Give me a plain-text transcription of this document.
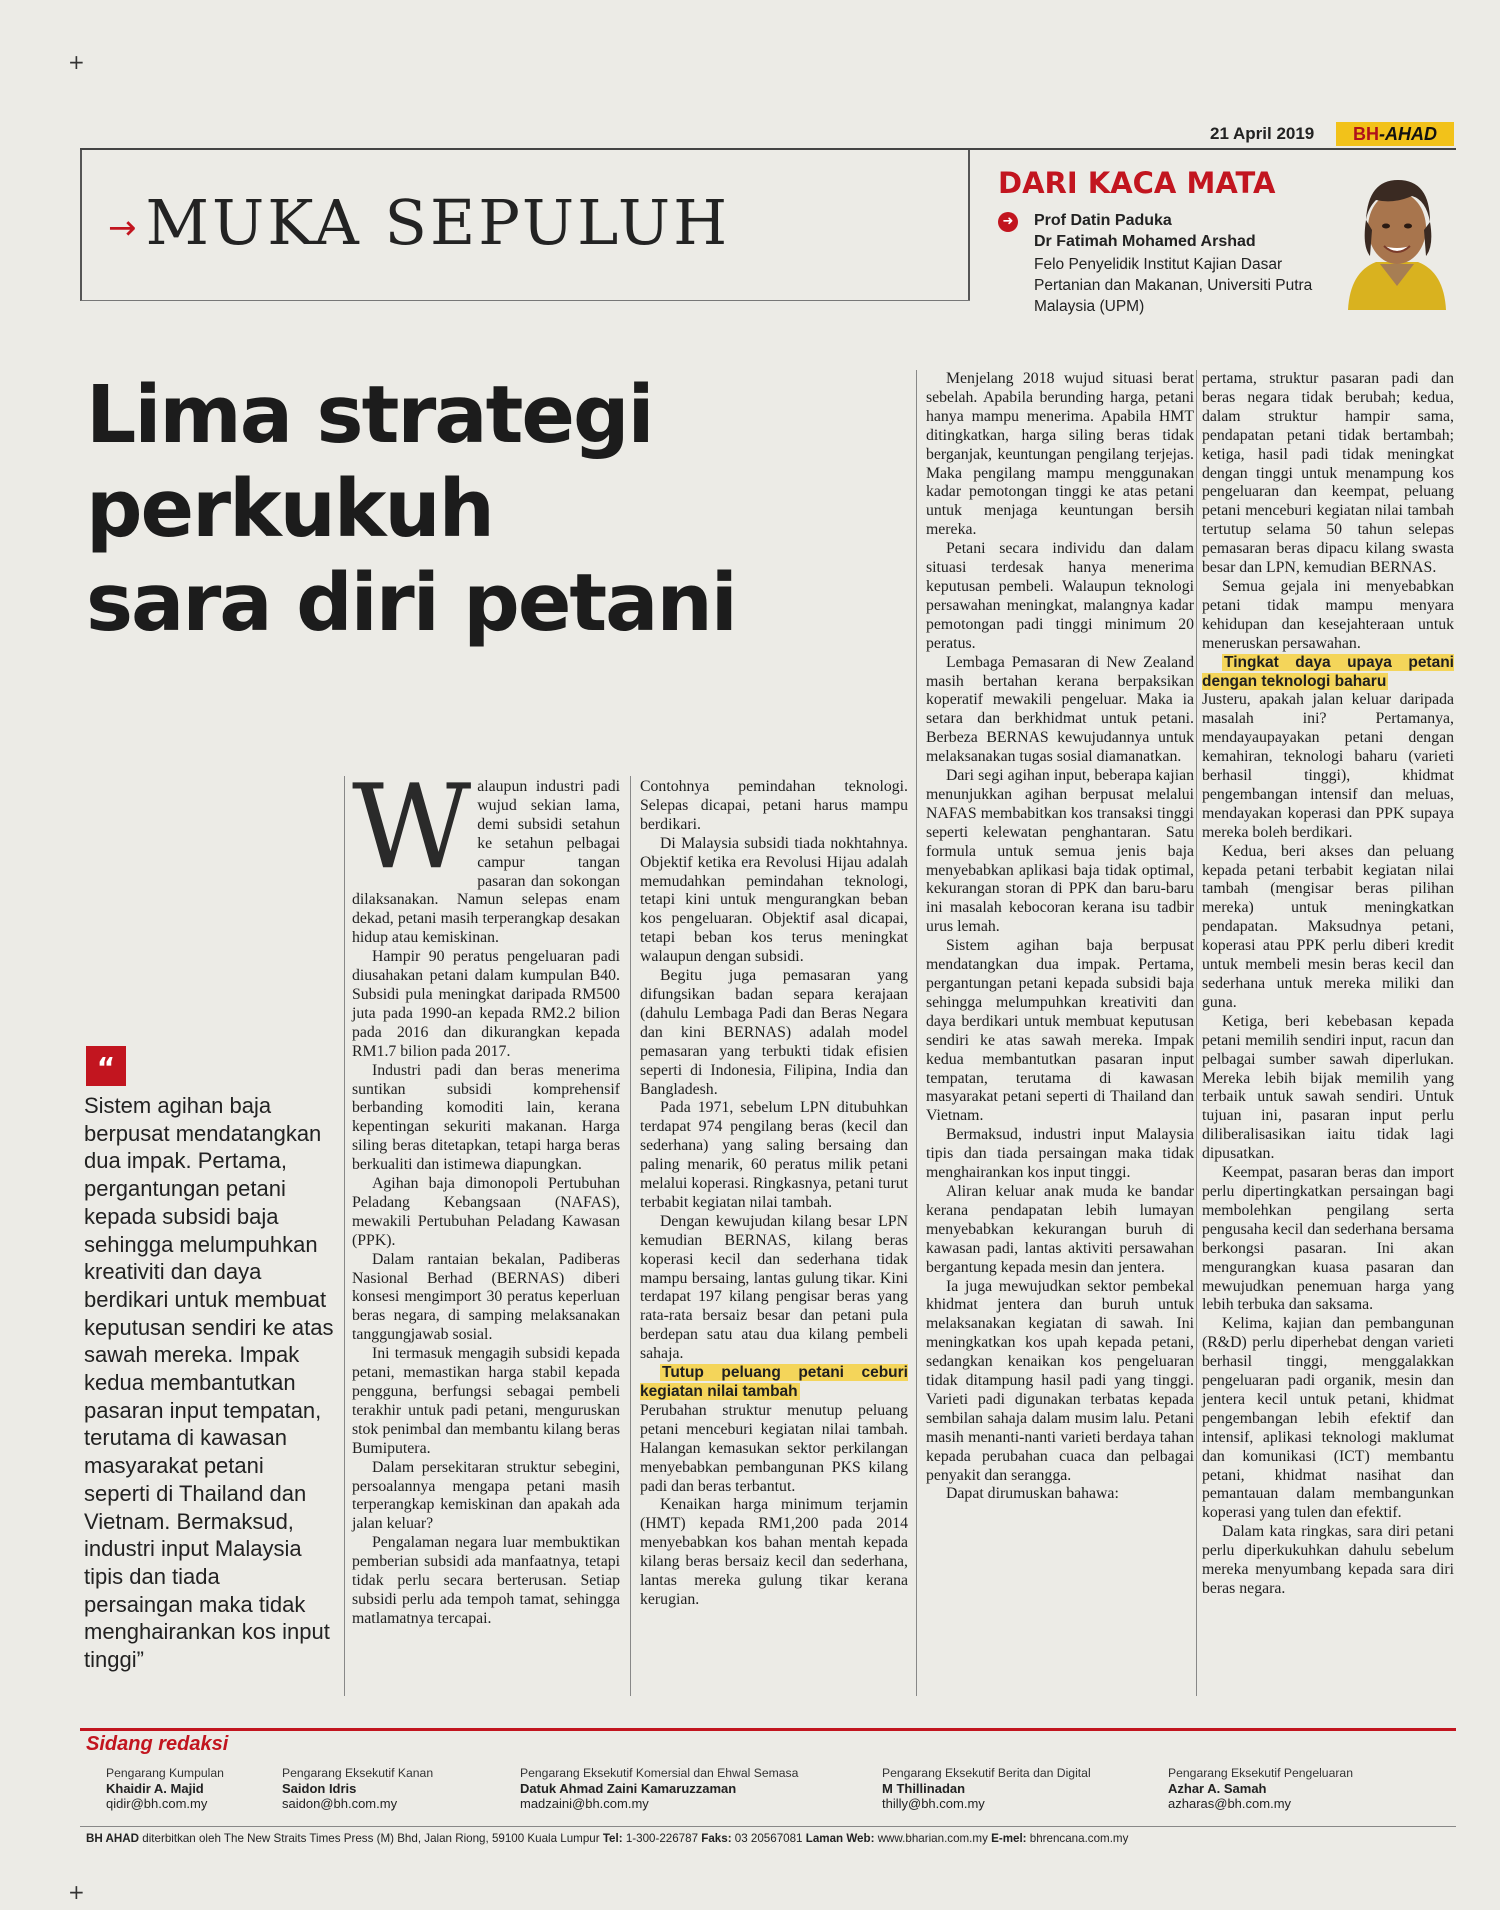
+
+
21 April 2019	BH-AHAD
→MUKA SEPULUH
DARI KACA MATA
➜ Prof Datin Paduka
Dr Fatimah Mohamed Arshad
Felo Penyelidik Institut Kajian Dasar Pertanian dan Makanan, Universiti Putra Malaysia (UPM)
Lima strategi
perkukuh
sara diri petani
“

Sistem agihan baja berpusat mendatangkan dua impak. Pertama, pergantungan petani kepada subsidi baja sehingga melumpuhkan kreativiti dan daya berdikari untuk membuat keputusan sendiri ke atas sawah mereka. Impak kedua membantutkan pasaran input tempatan, terutama di kawasan masyarakat petani seperti di Thailand dan Vietnam. Bermaksud, industri input Malaysia tipis dan tiada persaingan maka tidak menghairankan kos input tinggi”

W alaupun industri padi wujud sekian lama, demi subsidi setahun ke setahun pelbagai campur tangan pasaran dan sokongan dilaksanakan. Namun selepas enam dekad, petani masih terperangkap desakan hidup atau kemiskinan.

Hampir 90 peratus pengeluaran padi diusahakan petani dalam kumpulan B40. Subsidi pula meningkat daripada RM500 juta pada 1990-an kepada RM2.2 bilion pada 2016 dan dikurangkan kepada RM1.7 bilion pada 2017.

Industri padi dan beras menerima suntikan subsidi komprehensif berbanding komoditi lain, kerana kepentingan sekuriti makanan. Harga siling beras ditetapkan, tetapi harga beras berkualiti dan istimewa diapungkan.

Agihan baja dimonopoli Pertubuhan Peladang Kebangsaan (NAFAS), mewakili Pertubuhan Peladang Kawasan (PPK).

Dalam rantaian bekalan, Padiberas Nasional Berhad (BERNAS) diberi konsesi mengimport 30 peratus keperluan beras negara, di samping melaksanakan tanggungjawab sosial.

Ini termasuk mengagih subsidi kepada petani, memastikan harga stabil kepada pengguna, berfungsi sebagai pembeli terakhir untuk padi petani, menguruskan stok penimbal dan membantu kilang beras Bumiputera.

Dalam persekitaran struktur sebegini, persoalannya mengapa petani masih terperangkap kemiskinan dan apakah ada jalan keluar?

Pengalaman negara luar membuktikan pemberian subsidi ada manfaatnya, tetapi tidak perlu secara berterusan. Setiap subsidi perlu ada tempoh tamat, sehingga matlamatnya tercapai.

Contohnya pemindahan teknologi. Selepas dicapai, petani harus mampu berdikari.

Di Malaysia subsidi tiada nokhtahnya. Objektif ketika era Revolusi Hijau adalah memudahkan pemindahan teknologi, tetapi kini untuk mengurangkan beban kos pengeluaran. Objektif asal dicapai, tetapi beban kos terus meningkat walaupun dengan subsidi.

Begitu juga pemasaran yang difungsikan badan separa kerajaan (dahulu Lembaga Padi dan Beras Negara dan kini BERNAS) adalah model pemasaran yang terbukti tidak efisien seperti di Indonesia, Filipina, India dan Bangladesh.

Pada 1971, sebelum LPN ditubuhkan terdapat 974 pengilang beras (kecil dan sederhana) yang saling bersaing dan paling menarik, 60 peratus milik petani melalui koperasi. Ringkasnya, petani turut terbabit kegiatan nilai tambah.

Dengan kewujudan kilang besar LPN kemudian BERNAS, kilang beras koperasi kecil dan sederhana tidak mampu bersaing, lantas gulung tikar. Kini terdapat 197 kilang pengisar beras yang rata-rata bersaiz besar dan petani pula berdepan satu atau dua kilang pembeli sahaja.

Tutup peluang petani ceburi kegiatan nilai tambah

Perubahan struktur menutup peluang petani menceburi kegiatan nilai tambah. Halangan kemasukan sektor perkilangan menyebabkan pembangunan PKS kilang padi dan beras terbantut.

Kenaikan harga minimum terjamin (HMT) kepada RM1,200 pada 2014 menyebabkan kos bahan mentah kepada kilang beras bersaiz kecil dan sederhana, lantas mereka gulung tikar kerana kerugian.

Menjelang 2018 wujud situasi berat sebelah. Apabila berunding harga, petani hanya mampu menerima. Apabila HMT ditingkatkan, harga siling beras tidak berganjak, keuntungan pengilang terjejas. Maka pengilang mampu menggunakan kadar pemotongan tinggi ke atas petani untuk menjaga keuntungan bersih mereka.

Petani secara individu dan dalam situasi terdesak hanya menerima keputusan pembeli. Walaupun teknologi persawahan meningkat, malangnya kadar pemotongan padi tinggi minimum 20 peratus.

Lembaga Pemasaran di New Zealand masih bertahan kerana berpaksikan koperatif mewakili pengeluar. Maka ia setara dan berkhidmat untuk petani. Berbeza BERNAS kewujudannya untuk melaksanakan tugas sosial diamanatkan.

Dari segi agihan input, beberapa kajian menunjukkan agihan berpusat melalui NAFAS membabitkan kos transaksi tinggi seperti kelewatan penghantaran. Satu formula untuk semua jenis baja menyebabkan aplikasi baja tidak optimal, kekurangan storan di PPK dan baru-baru ini masalah kebocoran kerana isu tadbir urus lemah.

Sistem agihan baja berpusat mendatangkan dua impak. Pertama, pergantungan petani kepada subsidi baja sehingga melumpuhkan kreativiti dan daya berdikari untuk membuat keputusan sendiri ke atas sawah mereka. Impak kedua membantutkan pasaran input tempatan, terutama di kawasan masyarakat petani seperti di Thailand dan Vietnam.

Bermaksud, industri input Malaysia tipis dan tiada persaingan maka tidak menghairankan kos input tinggi.

Aliran keluar anak muda ke bandar kerana pendapatan lebih lumayan menyebabkan kekurangan buruh di kawasan padi, lantas aktiviti persawahan bergantung kepada mesin dan jentera.

Ia juga mewujudkan sektor pembekal khidmat jentera dan buruh untuk melaksanakan kegiatan di sawah. Ini meningkatkan kos upah kepada petani, sedangkan kenaikan kos pengeluaran tidak ditampung hasil padi yang tinggi. Varieti padi digunakan terbatas kepada sembilan sahaja dalam musim lalu. Petani masih menanti-nanti varieti berdaya tahan kepada perubahan cuaca dan pelbagai penyakit dan serangga.

Dapat dirumuskan bahawa:

pertama, struktur pasaran padi dan beras negara tidak berubah; kedua, dalam struktur hampir sama, pendapatan petani tidak bertambah; ketiga, hasil padi tidak meningkat dengan tinggi untuk menampung kos pengeluaran dan keempat, peluang petani menceburi kegiatan nilai tambah tertutup selama 50 tahun selepas pemasaran beras dipacu kilang swasta besar dan LPN, kemudian BERNAS.

Semua gejala ini menyebabkan petani tidak mampu menyara kehidupan dan kesejahteraan untuk meneruskan persawahan.

Tingkat daya upaya petani dengan teknologi baharu

Justeru, apakah jalan keluar daripada masalah ini? Pertamanya, mendayaupayakan petani dengan kemahiran, teknologi baharu (varieti berhasil tinggi), khidmat pengembangan intensif dan meluas, mendayakan koperasi dan PPK supaya mereka boleh berdikari.

Kedua, beri akses dan peluang kepada petani terbabit kegiatan nilai tambah (mengisar beras pilihan mereka) untuk meningkatkan pendapatan. Maksudnya petani, koperasi atau PPK perlu diberi kredit untuk membeli mesin beras kecil dan sederhana untuk mereka miliki dan guna.

Ketiga, beri kebebasan kepada petani memilih sendiri input, racun dan pelbagai sumber sawah diperlukan. Mereka lebih bijak memilih yang terbaik untuk sawah sendiri. Untuk tujuan ini, pasaran input perlu diliberalisasikan iaitu tidak lagi dipusatkan.

Keempat, pasaran beras dan import perlu dipertingkatkan persaingan bagi membolehkan pengilang serta pengusaha kecil dan sederhana bersama berkongsi pasaran. Ini akan mengurangkan kuasa pasaran dan mewujudkan penemuan harga yang lebih terbuka dan saksama.

Kelima, kajian dan pembangunan (R&D) perlu diperhebat dengan varieti berhasil tinggi, menggalakkan pengeluaran padi organik, mesin dan jentera kecil untuk petani, khidmat pengembangan lebih efektif dan intensif, aplikasi teknologi maklumat dan komunikasi (ICT) membantu petani, khidmat nasihat dan pemantauan dalam membangunkan koperasi yang tulen dan efektif.

Dalam kata ringkas, sara diri petani perlu diperkukuhkan dahulu sebelum mereka menyumbang kepada sara diri beras negara.

Sidang redaksi
Pengarang Kumpulan
Khaidir A. Majid
qidir@bh.com.my
Pengarang Eksekutif Kanan
Saidon Idris
saidon@bh.com.my
Pengarang Eksekutif Komersial dan Ehwal Semasa
Datuk Ahmad Zaini Kamaruzzaman
madzaini@bh.com.my
Pengarang Eksekutif Berita dan Digital
M Thillinadan
thilly@bh.com.my
Pengarang Eksekutif Pengeluaran
Azhar A. Samah
azharas@bh.com.my
BH AHAD diterbitkan oleh The New Straits Times Press (M) Bhd, Jalan Riong, 59100 Kuala Lumpur Tel: 1-300-226787 Faks: 03 20567081 Laman Web: www.bharian.com.my E-mel: bhrencana.com.my
